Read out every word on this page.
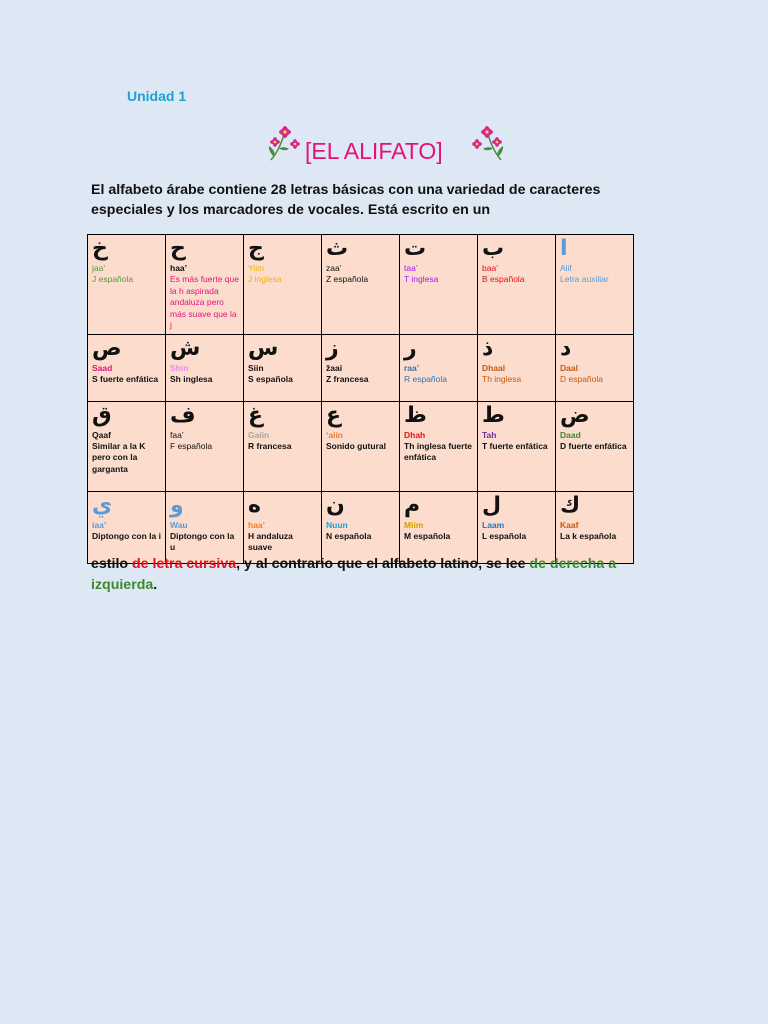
Unidad 1
[EL ALIFATO]
El alfabeto árabe contiene 28 letras básicas con una variedad de caracteres especiales y los marcadores de vocales. Está escrito en un
خ
jaa’
J española	ح
haa’
Es más fuerte que la h aspirada andaluza pero más suave que la j	ج
Yiim
J inglesa	ث
zaa’
Z española	ت
taa’
T inglesa	ب
baa’
B española	ا
Alif
Letra auxiliar

ص
Saad
S fuerte enfática	ش
Shin
Sh inglesa	س
Siin
S española	ز
žaai
Z francesa	ر
raa’
R española	ذ
Dhaal
Th inglesa	د
Daal
D española

ق
Qaaf
Similar a la K pero con la garganta	ف
faa’
F española	غ
Gaiin
R francesa	ع
‘aiin
Sonido gutural	ظ
Dhah
Th inglesa fuerte enfática	ط
Tah
T fuerte enfática	ض
Daad
D fuerte enfática

ي
iaa’
Diptongo con la i	و
Wau
Diptongo con la u	ه
haa’
H andaluza suave	ن
Nuun
N española	م
Miim
M española	ل
Laam
L española	ك
Kaaf
La k española
estilo de letra cursiva, y al contrario que el alfabeto latino, se lee de derecha a izquierda.
